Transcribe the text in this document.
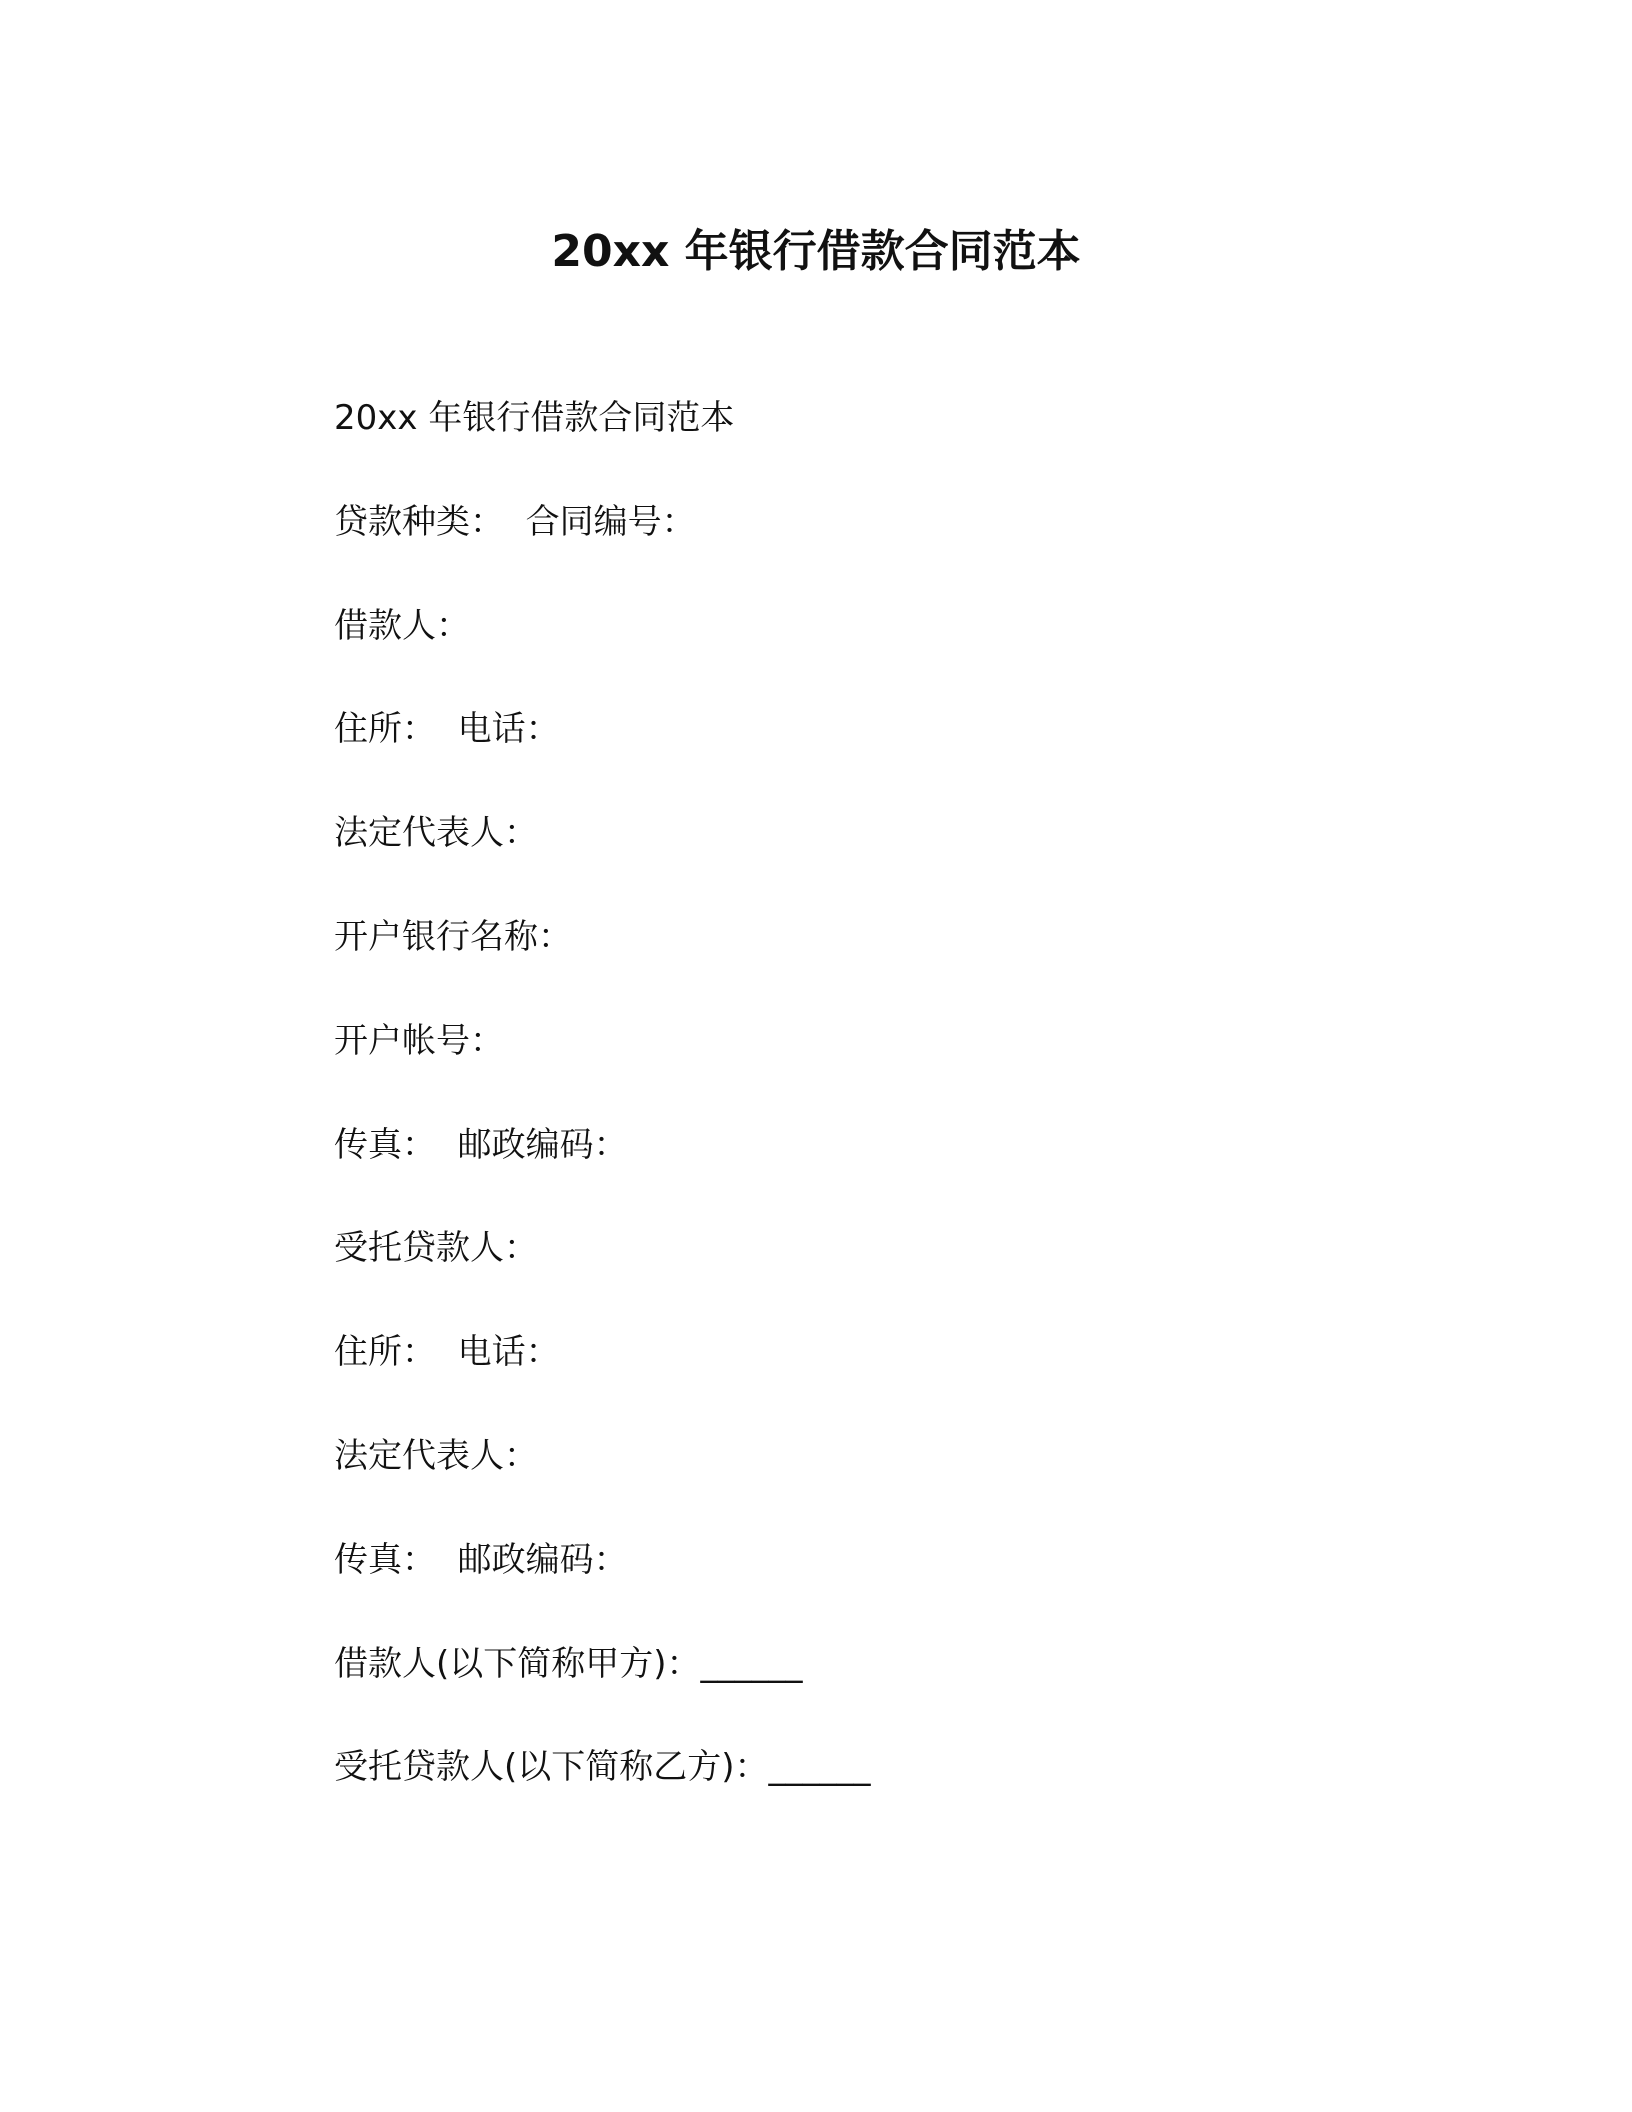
20xx 年银行借款合同范本
20xx 年银行借款合同范本
贷款种类：  合同编号：
借款人：
住所：  电话：
法定代表人：
开户银行名称：
开户帐号：
传真：  邮政编码：
受托贷款人：
住所：  电话：
法定代表人：
传真：  邮政编码：
借款人(以下简称甲方)：______
受托贷款人(以下简称乙方)：______
